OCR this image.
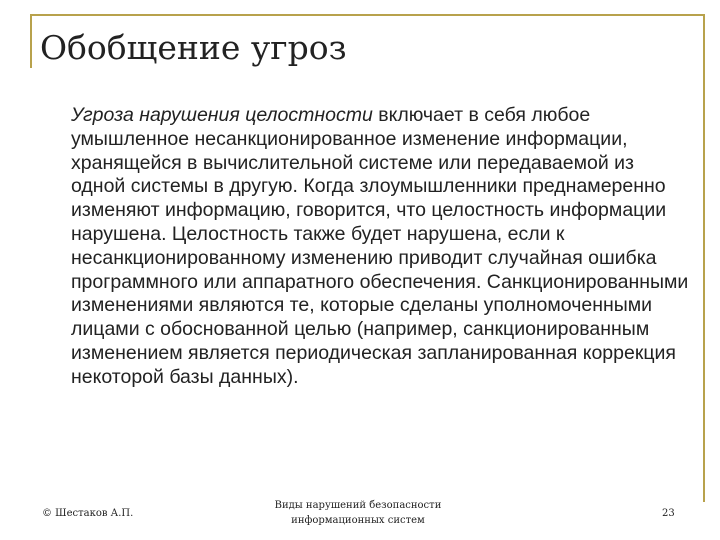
Обобщение угроз

Угроза нарушения целостности включает в себя любое умышленное несанкционированное изменение информации, хранящейся в вычислительной системе или передаваемой из одной системы в другую. Когда злоумышленники преднамеренно изменяют информацию, говорится, что целостность информации нарушена. Целостность также будет нарушена, если к несанкционированному изменению приводит случайная ошибка программного или аппаратного обеспечения. Санкционированными изменениями являются те, которые сделаны уполномоченными лицами с обоснованной целью (например, санкционированным изменением является периодическая запланированная коррекция некоторой базы данных).

© Шестаков А.П.
Виды нарушений безопасности
информационных систем
23
